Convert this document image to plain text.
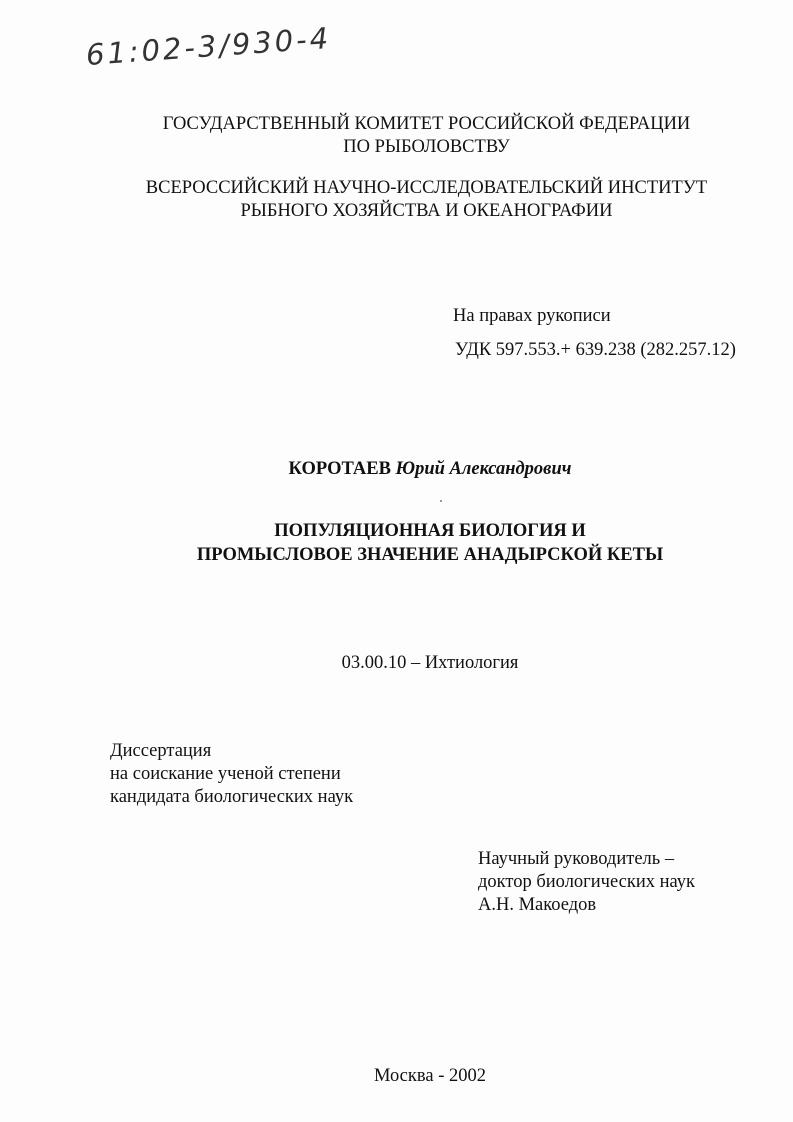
61:02-3/930-4
ГОСУДАРСТВЕННЫЙ КОМИТЕТ РОССИЙСКОЙ ФЕДЕРАЦИИ
ПО РЫБОЛОВСТВУ
ВСЕРОССИЙСКИЙ НАУЧНО-ИССЛЕДОВАТЕЛЬСКИЙ ИНСТИТУТ
РЫБНОГО ХОЗЯЙСТВА И ОКЕАНОГРАФИИ
На правах рукописи
УДК 597.553.+ 639.238 (282.257.12)
КОРОТАЕВ Юрий Александрович
ПОПУЛЯЦИОННАЯ БИОЛОГИЯ И
ПРОМЫСЛОВОЕ ЗНАЧЕНИЕ АНАДЫРСКОЙ КЕТЫ
03.00.10 – Ихтиология
Диссертация
на соискание ученой степени
кандидата биологических наук
Научный руководитель –
доктор биологических наук
А.Н. Макоедов
Москва - 2002
